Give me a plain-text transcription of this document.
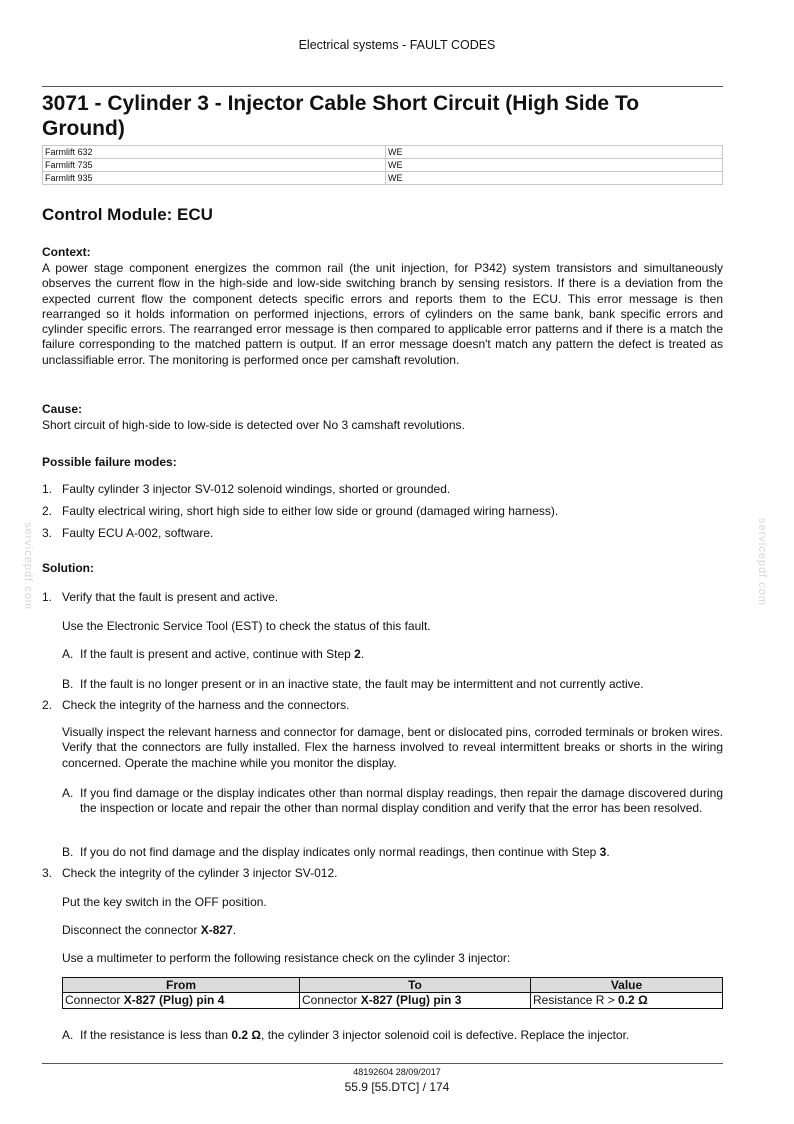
Electrical systems - FAULT CODES
3071 - Cylinder 3 - Injector Cable Short Circuit (High Side To Ground)
Farmlift 632	WE
Farmlift 735	WE
Farmlift 935	WE
Control Module: ECU
Context:
A power stage component energizes the common rail (the unit injection, for P342) system transistors and simultaneously observes the current flow in the high-side and low-side switching branch by sensing resistors. If there is a deviation from the expected current flow the component detects specific errors and reports them to the ECU. This error message is then rearranged so it holds information on performed injections, errors of cylinders on the same bank, bank specific errors and cylinder specific errors. The rearranged error message is then compared to applicable error patterns and if there is a match the failure corresponding to the matched pattern is output. If an error message doesn't match any pattern the defect is treated as unclassifiable error. The monitoring is performed once per camshaft revolution.
Cause:
Short circuit of high-side to low-side is detected over No 3 camshaft revolutions.
Possible failure modes:
1. Faulty cylinder 3 injector SV-012 solenoid windings, shorted or grounded.
2. Faulty electrical wiring, short high side to either low side or ground (damaged wiring harness).
3. Faulty ECU A-002, software.
Solution:
1. Verify that the fault is present and active.
Use the Electronic Service Tool (EST) to check the status of this fault.
A. If the fault is present and active, continue with Step 2.
B. If the fault is no longer present or in an inactive state, the fault may be intermittent and not currently active.
2. Check the integrity of the harness and the connectors.
Visually inspect the relevant harness and connector for damage, bent or dislocated pins, corroded terminals or broken wires. Verify that the connectors are fully installed. Flex the harness involved to reveal intermittent breaks or shorts in the wiring concerned. Operate the machine while you monitor the display.
A. If you find damage or the display indicates other than normal display readings, then repair the damage discovered during the inspection or locate and repair the other than normal display condition and verify that the error has been resolved.
B. If you do not find damage and the display indicates only normal readings, then continue with Step 3.
3. Check the integrity of the cylinder 3 injector SV-012.
Put the key switch in the OFF position.
Disconnect the connector X-827.
Use a multimeter to perform the following resistance check on the cylinder 3 injector:
From	To	Value
Connector X-827 (Plug) pin 4	Connector X-827 (Plug) pin 3	Resistance R > 0.2 Ω
A. If the resistance is less than 0.2 Ω, the cylinder 3 injector solenoid coil is defective. Replace the injector.
servicepdf.com	servicepdf.com
48192604 28/09/2017
55.9 [55.DTC] / 174
